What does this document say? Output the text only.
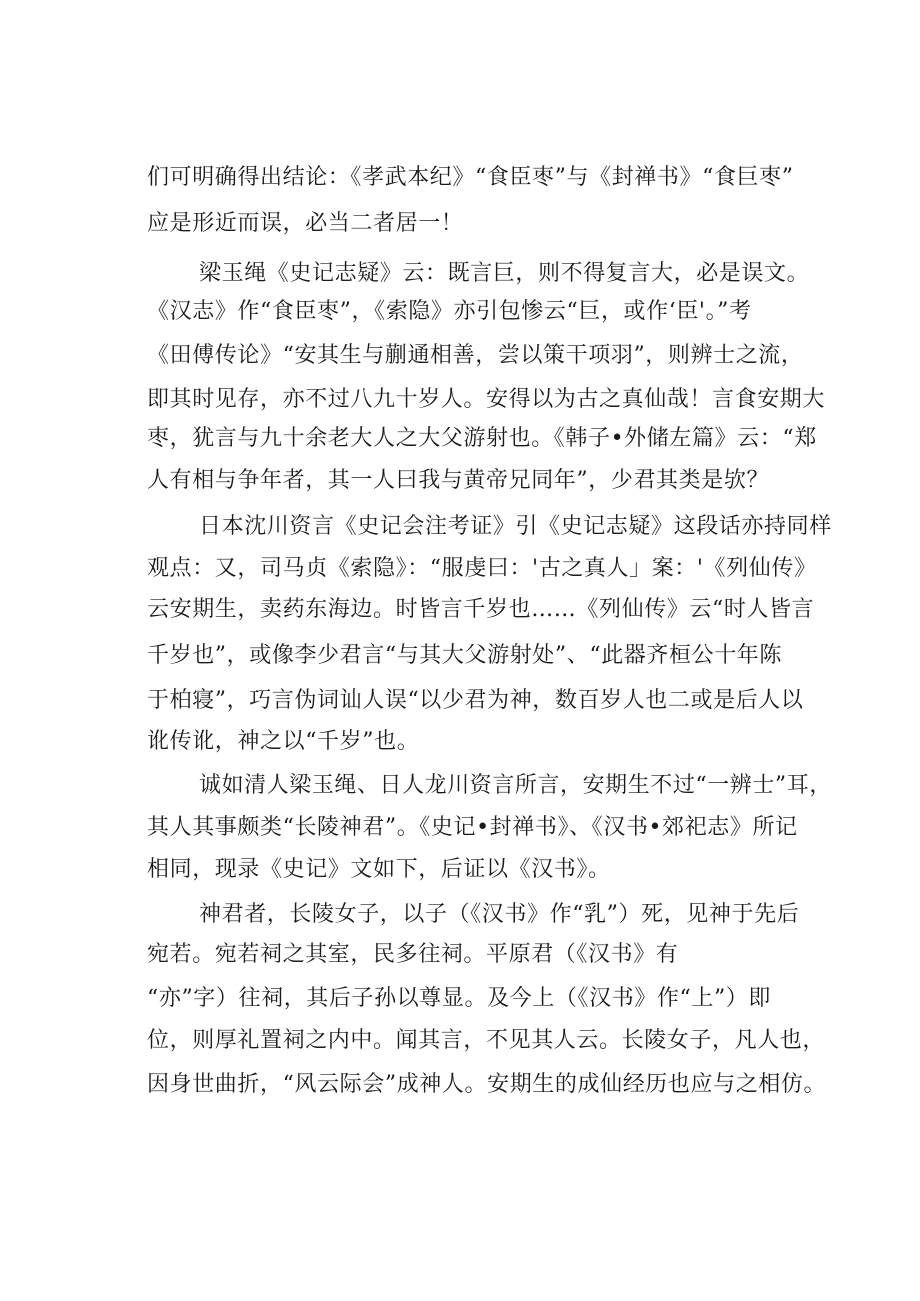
们可明确得出结论：《孝武本纪》“食臣枣”与《封禅书》“食巨枣”
应是形近而误，必当二者居一！
梁玉绳《史记志疑》云：既言巨，则不得复言大，必是误文。
《汉志》作“食臣枣”，《索隐》亦引包惨云“巨，或作‘臣'。”考
《田傅传论》“安其生与蒯通相善，尝以策干项羽”，则辨士之流，
即其时见存，亦不过八九十岁人。安得以为古之真仙哉！言食安期大
枣，犹言与九十余老大人之大父游射也。《韩子•外储左篇》云：“郑
人有相与争年者，其一人曰我与黄帝兄同年”，少君其类是欤？
日本沈川资言《史记会注考证》引《史记志疑》这段话亦持同样
观点：又，司马贞《索隐》：“服虔曰：'古之真人」案：'《列仙传》
云安期生，卖药东海边。时皆言千岁也……《列仙传》云“时人皆言
千岁也”，或像李少君言“与其大父游射处”、“此器齐桓公十年陈
于柏寝”，巧言伪词讪人误“以少君为神，数百岁人也二或是后人以
讹传讹，神之以“千岁”也。
诚如清人梁玉绳、日人龙川资言所言，安期生不过“一辨士”耳，
其人其事颇类“长陵神君”。《史记•封禅书》、《汉书•郊祀志》所记
相同，现录《史记》文如下，后证以《汉书》。
神君者，长陵女子，以子（《汉书》作“乳”）死，见神于先后
宛若。宛若祠之其室，民多往祠。平原君（《汉书》有
“亦”字）往祠，其后子孙以尊显。及今上（《汉书》作“上”）即
位，则厚礼置祠之内中。闻其言，不见其人云。长陵女子，凡人也，
因身世曲折，“风云际会”成神人。安期生的成仙经历也应与之相仿。
